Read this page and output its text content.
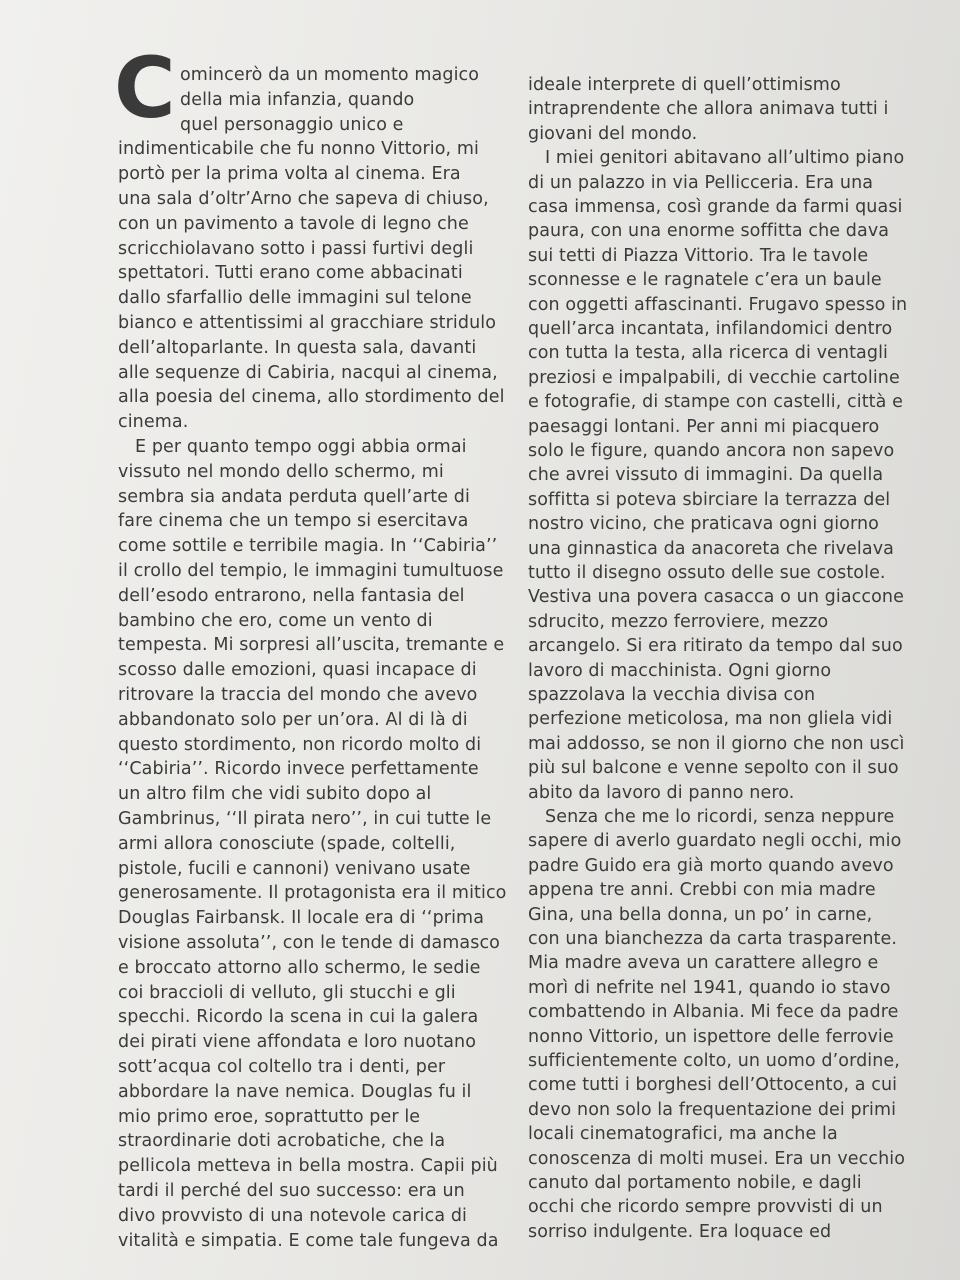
C omincerò da un momento magico
della mia infanzia, quando
quel personaggio unico e
indimenticabile che fu nonno Vittorio, mi
portò per la prima volta al cinema. Era
una sala d’oltr’Arno che sapeva di chiuso,
con un pavimento a tavole di legno che
scricchiolavano sotto i passi furtivi degli
spettatori. Tutti erano come abbacinati
dallo sfarfallio delle immagini sul telone
bianco e attentissimi al gracchiare stridulo
dell’altoparlante. In questa sala, davanti
alle sequenze di Cabiria, nacqui al cinema,
alla poesia del cinema, allo stordimento del
cinema.
E per quanto tempo oggi abbia ormai
vissuto nel mondo dello schermo, mi
sembra sia andata perduta quell’arte di
fare cinema che un tempo si esercitava
come sottile e terribile magia. In ‘‘Cabiria’’
il crollo del tempio, le immagini tumultuose
dell’esodo entrarono, nella fantasia del
bambino che ero, come un vento di
tempesta. Mi sorpresi all’uscita, tremante e
scosso dalle emozioni, quasi incapace di
ritrovare la traccia del mondo che avevo
abbandonato solo per un’ora. Al di là di
questo stordimento, non ricordo molto di
‘‘Cabiria’’. Ricordo invece perfettamente
un altro film che vidi subito dopo al
Gambrinus, ‘‘Il pirata nero’’, in cui tutte le
armi allora conosciute (spade, coltelli,
pistole, fucili e cannoni) venivano usate
generosamente. Il protagonista era il mitico
Douglas Fairbansk. Il locale era di ‘‘prima
visione assoluta’’, con le tende di damasco
e broccato attorno allo schermo, le sedie
coi braccioli di velluto, gli stucchi e gli
specchi. Ricordo la scena in cui la galera
dei pirati viene affondata e loro nuotano
sott’acqua col coltello tra i denti, per
abbordare la nave nemica. Douglas fu il
mio primo eroe, soprattutto per le
straordinarie doti acrobatiche, che la
pellicola metteva in bella mostra. Capii più
tardi il perché del suo successo: era un
divo provvisto di una notevole carica di
vitalità e simpatia. E come tale fungeva da
ideale interprete di quell’ottimismo
intraprendente che allora animava tutti i
giovani del mondo.
I miei genitori abitavano all’ultimo piano
di un palazzo in via Pellicceria. Era una
casa immensa, così grande da farmi quasi
paura, con una enorme soffitta che dava
sui tetti di Piazza Vittorio. Tra le tavole
sconnesse e le ragnatele c’era un baule
con oggetti affascinanti. Frugavo spesso in
quell’arca incantata, infilandomici dentro
con tutta la testa, alla ricerca di ventagli
preziosi e impalpabili, di vecchie cartoline
e fotografie, di stampe con castelli, città e
paesaggi lontani. Per anni mi piacquero
solo le figure, quando ancora non sapevo
che avrei vissuto di immagini. Da quella
soffitta si poteva sbirciare la terrazza del
nostro vicino, che praticava ogni giorno
una ginnastica da anacoreta che rivelava
tutto il disegno ossuto delle sue costole.
Vestiva una povera casacca o un giaccone
sdrucito, mezzo ferroviere, mezzo
arcangelo. Si era ritirato da tempo dal suo
lavoro di macchinista. Ogni giorno
spazzolava la vecchia divisa con
perfezione meticolosa, ma non gliela vidi
mai addosso, se non il giorno che non uscì
più sul balcone e venne sepolto con il suo
abito da lavoro di panno nero.
Senza che me lo ricordi, senza neppure
sapere di averlo guardato negli occhi, mio
padre Guido era già morto quando avevo
appena tre anni. Crebbi con mia madre
Gina, una bella donna, un po’ in carne,
con una bianchezza da carta trasparente.
Mia madre aveva un carattere allegro e
morì di nefrite nel 1941, quando io stavo
combattendo in Albania. Mi fece da padre
nonno Vittorio, un ispettore delle ferrovie
sufficientemente colto, un uomo d’ordine,
come tutti i borghesi dell’Ottocento, a cui
devo non solo la frequentazione dei primi
locali cinematografici, ma anche la
conoscenza di molti musei. Era un vecchio
canuto dal portamento nobile, e dagli
occhi che ricordo sempre provvisti di un
sorriso indulgente. Era loquace ed
